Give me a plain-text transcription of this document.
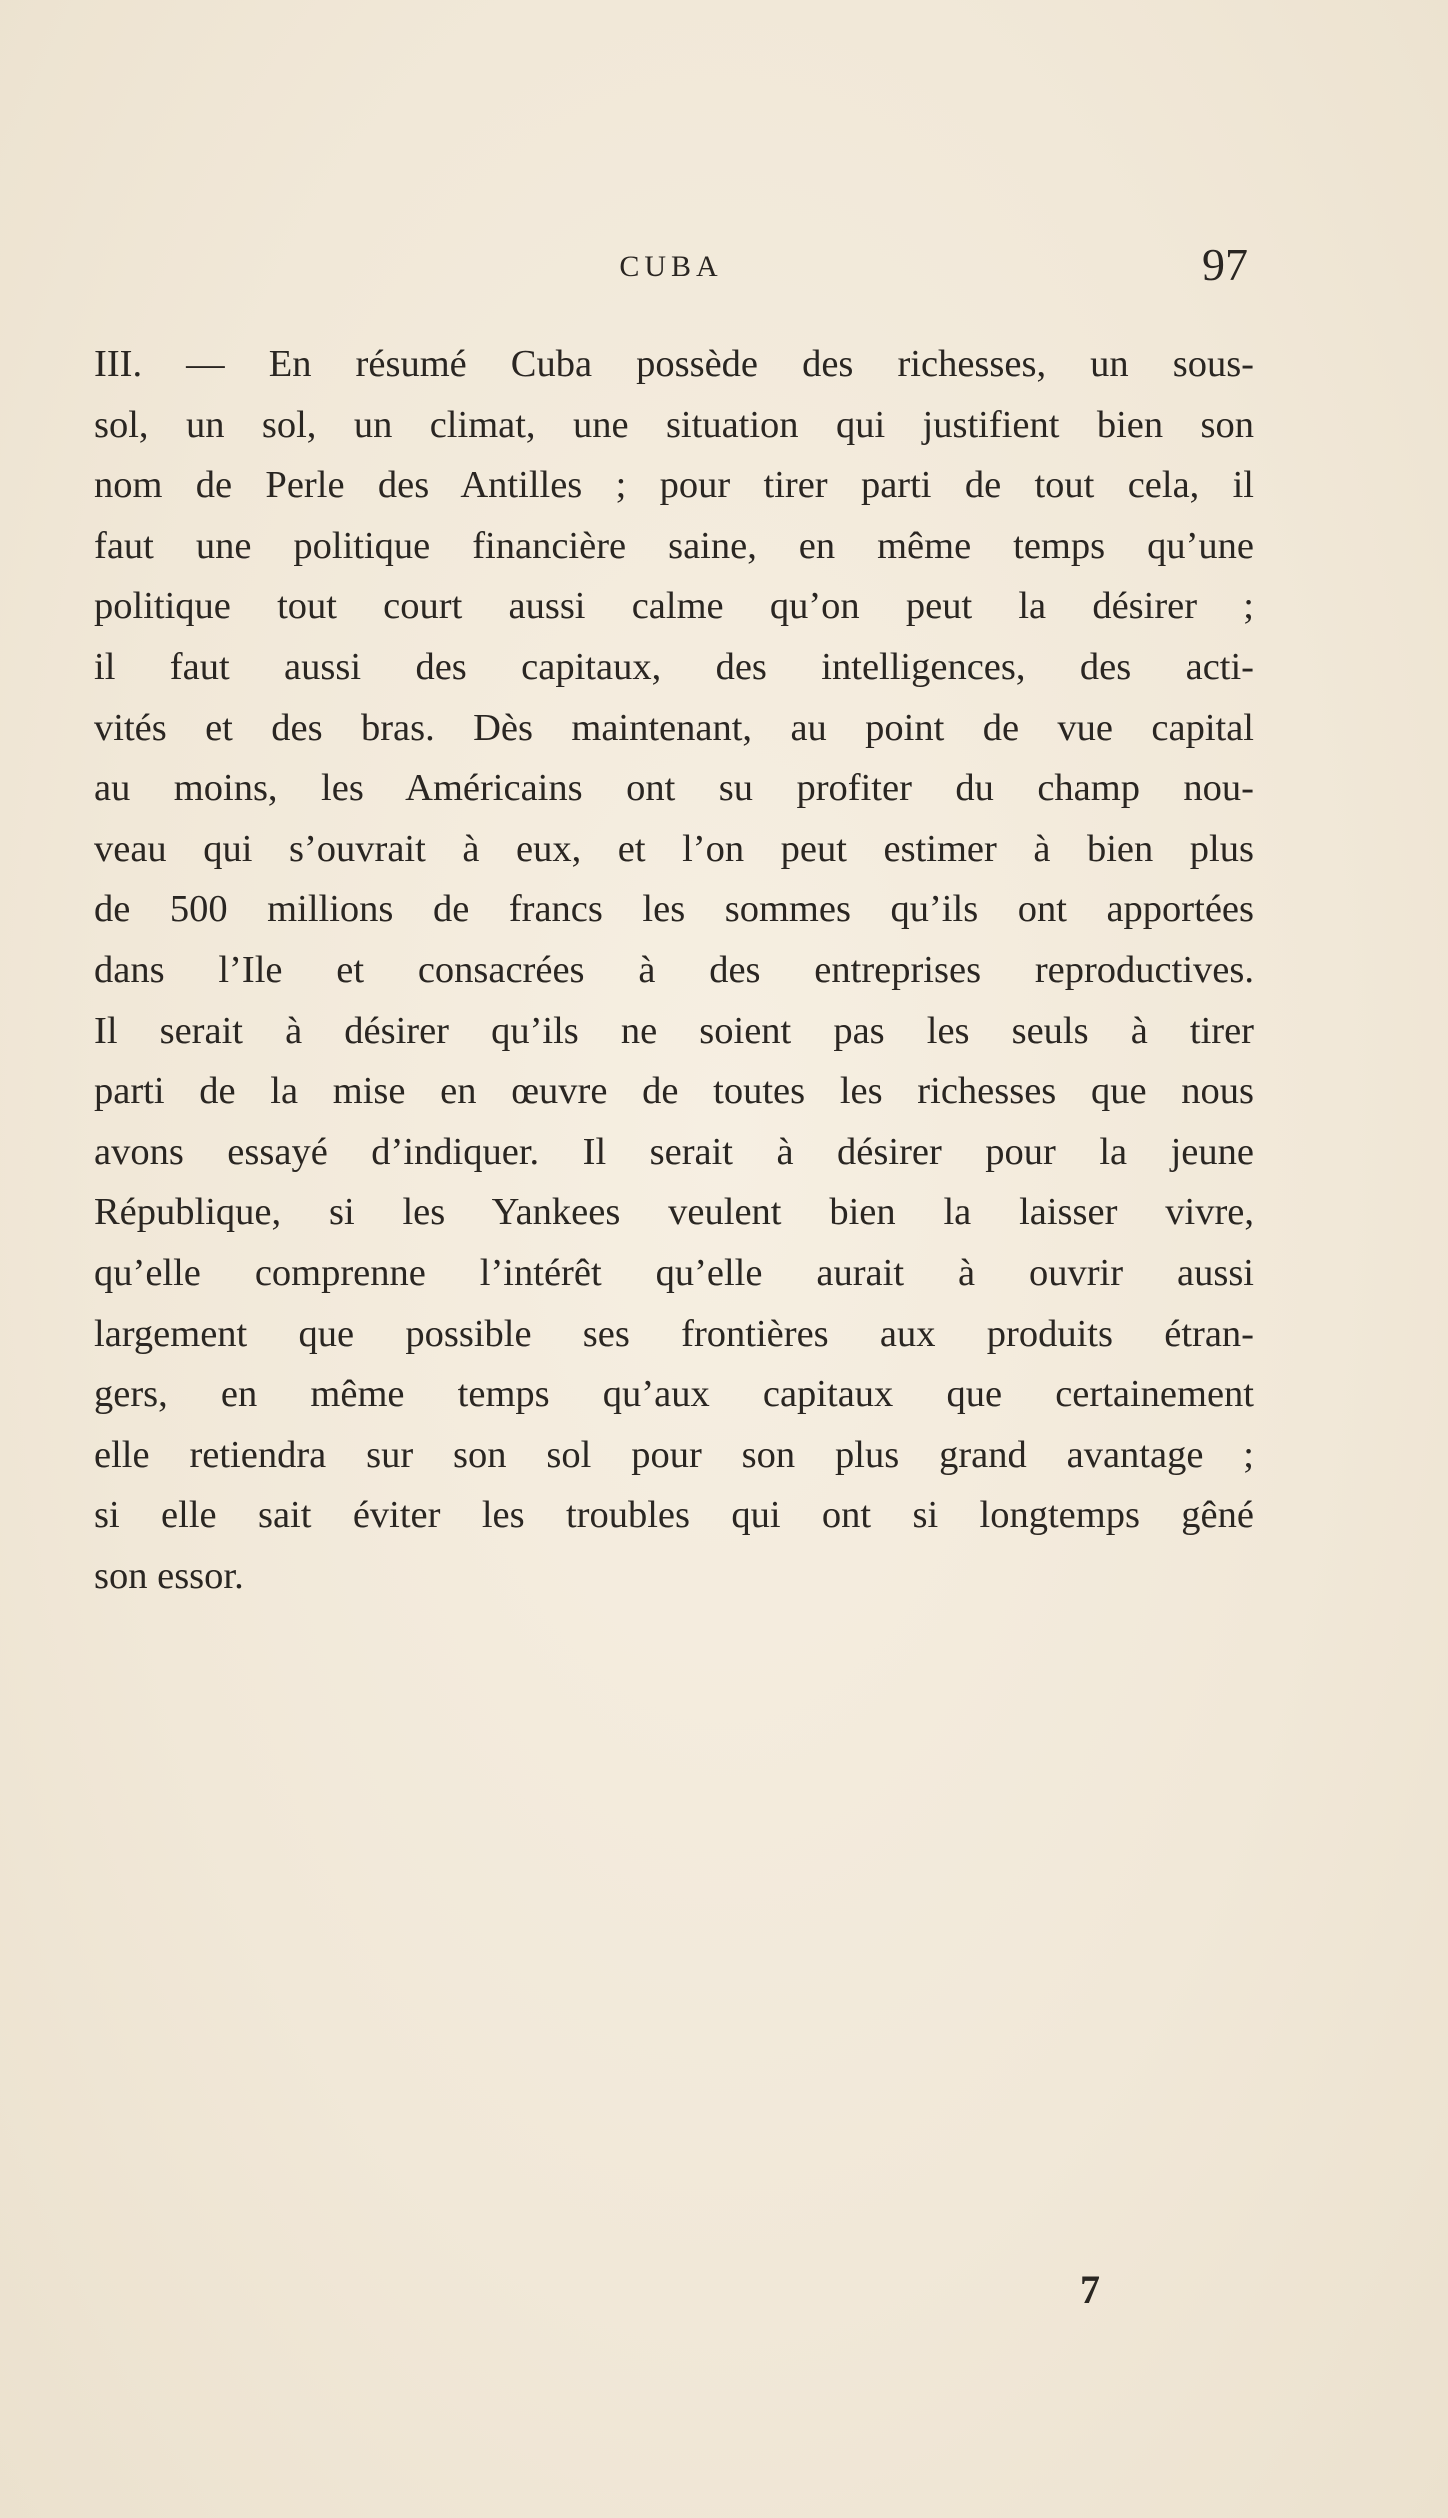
CUBA	97

III. — En résumé Cuba possède des richesses, un sous-
sol, un sol, un climat, une situation qui justifient bien son
nom de Perle des Antilles ; pour tirer parti de tout cela, il
faut une politique financière saine, en même temps qu’une
politique tout court aussi calme qu’on peut la désirer ;
il faut aussi des capitaux, des intelligences, des acti-
vités et des bras. Dès maintenant, au point de vue capital
au moins, les Américains ont su profiter du champ nou-
veau qui s’ouvrait à eux, et l’on peut estimer à bien plus
de 500 millions de francs les sommes qu’ils ont apportées
dans l’Ile et consacrées à des entreprises reproductives.
Il serait à désirer qu’ils ne soient pas les seuls à tirer
parti de la mise en œuvre de toutes les richesses que nous
avons essayé d’indiquer. Il serait à désirer pour la jeune
République, si les Yankees veulent bien la laisser vivre,
qu’elle comprenne l’intérêt qu’elle aurait à ouvrir aussi
largement que possible ses frontières aux produits étran-
gers, en même temps qu’aux capitaux que certainement
elle retiendra sur son sol pour son plus grand avantage ;
si elle sait éviter les troubles qui ont si longtemps gêné
son essor.

7
